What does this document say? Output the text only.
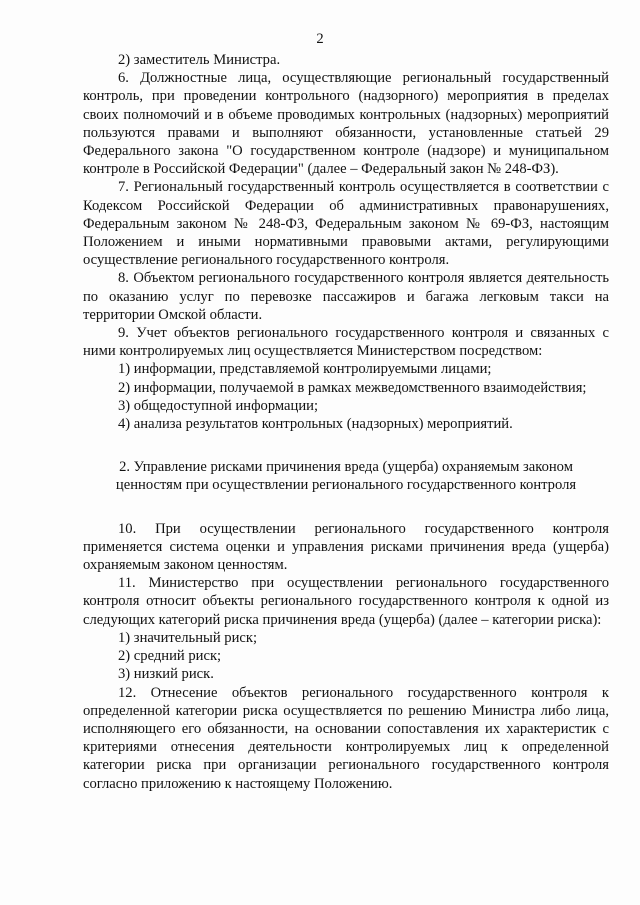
2

2) заместитель Министра.

6. Должностные лица, осуществляющие региональный государственный контроль, при проведении контрольного (надзорного) мероприятия в пределах своих полномочий и в объеме проводимых контрольных (надзорных) мероприятий пользуются правами и выполняют обязанности, установленные статьей 29 Федерального закона "О государственном контроле (надзоре) и муниципальном контроле в Российской Федерации" (далее – Федеральный закон № 248-ФЗ).

7. Региональный государственный контроль осуществляется в соответствии с Кодексом Российской Федерации об административных правонарушениях, Федеральным законом № 248-ФЗ, Федеральным законом № 69-ФЗ, настоящим Положением и иными нормативными правовыми актами, регулирующими осуществление регионального государственного контроля.

8. Объектом регионального государственного контроля является деятельность по оказанию услуг по перевозке пассажиров и багажа легковым такси на территории Омской области.

9. Учет объектов регионального государственного контроля и связанных с ними контролируемых лиц осуществляется Министерством посредством:

1) информации, представляемой контролируемыми лицами;

2) информации, получаемой в рамках межведомственного взаимодействия;

3) общедоступной информации;

4) анализа результатов контрольных (надзорных) мероприятий.

2. Управление рисками причинения вреда (ущерба) охраняемым законом ценностям при осуществлении регионального государственного контроля

10. При осуществлении регионального государственного контроля применяется система оценки и управления рисками причинения вреда (ущерба) охраняемым законом ценностям.

11. Министерство при осуществлении регионального государственного контроля относит объекты регионального государственного контроля к одной из следующих категорий риска причинения вреда (ущерба) (далее – категории риска):

1) значительный риск;

2) средний риск;

3) низкий риск.

12. Отнесение объектов регионального государственного контроля к определенной категории риска осуществляется по решению Министра либо лица, исполняющего его обязанности, на основании сопоставления их характеристик с критериями отнесения деятельности контролируемых лиц к определенной категории риска при организации регионального государственного контроля согласно приложению к настоящему Положению.
